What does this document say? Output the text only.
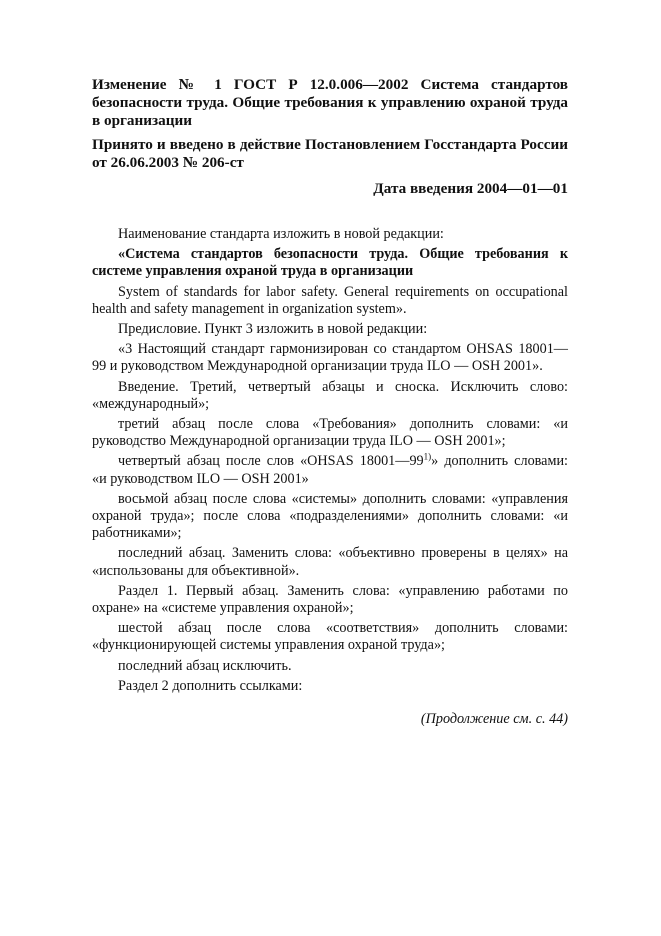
Изменение № 1 ГОСТ Р 12.0.006—2002 Система стандартов безопасности труда. Общие требования к управлению охраной труда в организации

Принято и введено в действие Постановлением Госстандарта России от 26.06.2003 № 206-ст

Дата введения 2004—01—01

Наименование стандарта изложить в новой редакции:

«Система стандартов безопасности труда. Общие требования к системе управления охраной труда в организации

System of standards for labor safety. General requirements on occupational health and safety management in organization system».

Предисловие. Пункт 3 изложить в новой редакции:

«3 Настоящий стандарт гармонизирован со стандартом OHSAS 18001—99 и руководством Международной организации труда ILO — OSH 2001».

Введение. Третий, четвертый абзацы и сноска. Исключить слово: «международный»;

третий абзац после слова «Требования» дополнить словами: «и руководство Международной организации труда ILO — OSH 2001»;

четвертый абзац после слов «OHSAS 18001—99$^{1)}$» дополнить словами: «и руководством ILO — OSH 2001»

восьмой абзац после слова «системы» дополнить словами: «управления охраной труда»; после слова «подразделениями» дополнить словами: «и работниками»;

последний абзац. Заменить слова: «объективно проверены в целях» на «использованы для объективной».

Раздел 1. Первый абзац. Заменить слова: «управлению работами по охране» на «системе управления охраной»;

шестой абзац после слова «соответствия» дополнить словами: «функционирующей системы управления охраной труда»;

последний абзац исключить.

Раздел 2 дополнить ссылками:

(Продолжение см. с. 44)
